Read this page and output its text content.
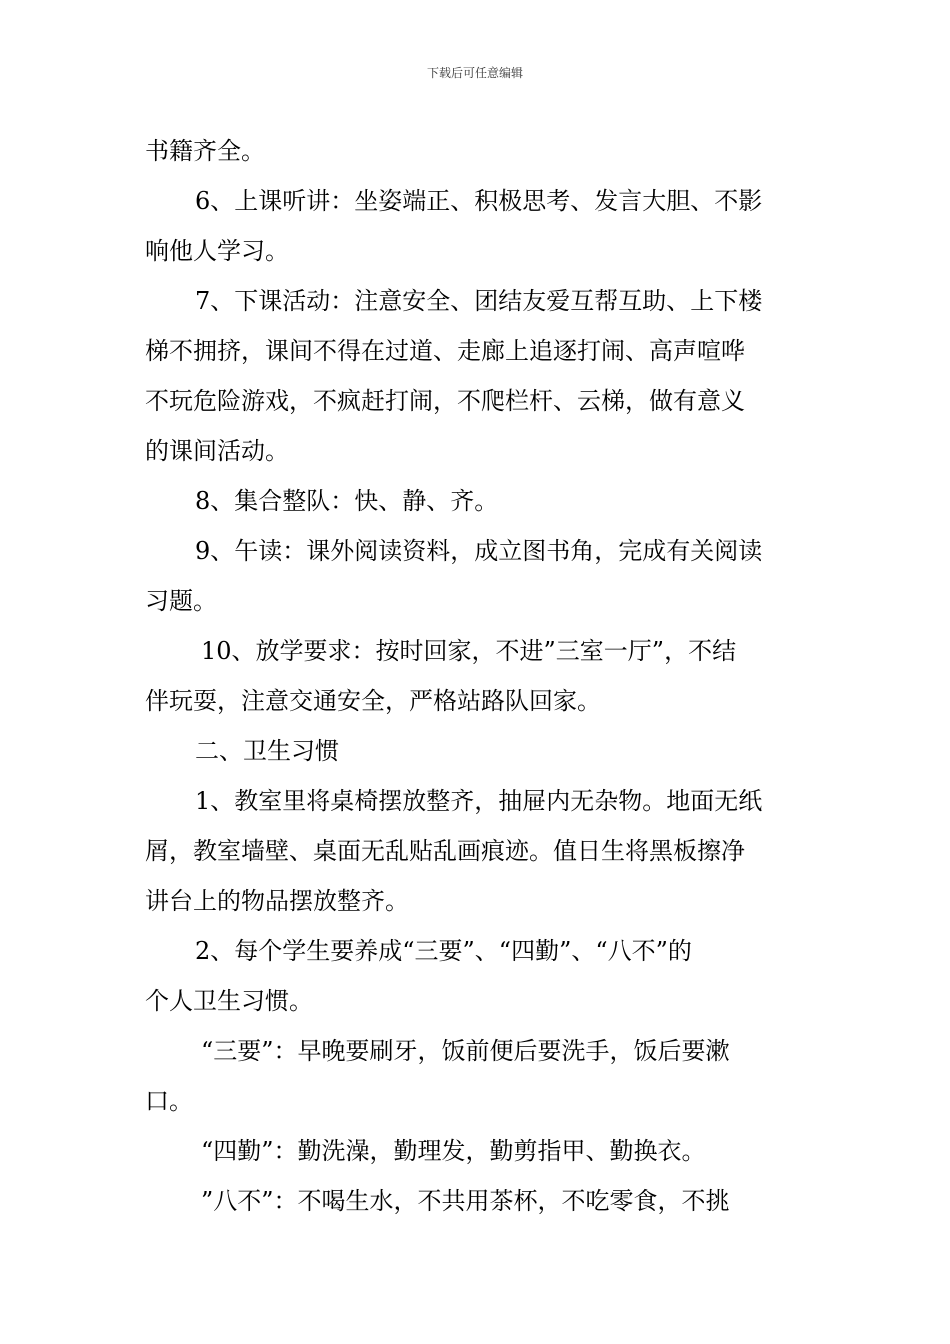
下载后可任意编辑
书籍齐全。
6、上课听讲：坐姿端正、积极思考、发言大胆、不影
响他人学习。
7、下课活动：注意安全、团结友爱互帮互助、上下楼
梯不拥挤，课间不得在过道、走廊上追逐打闹、高声喧哗
不玩危险游戏，不疯赶打闹，不爬栏杆、云梯，做有意义
的课间活动。
8、集合整队：快、静、齐。
9、午读：课外阅读资料，成立图书角，完成有关阅读
习题。
10、放学要求：按时回家，不进”三室一厅”，不结
伴玩耍，注意交通安全，严格站路队回家。
二、卫生习惯
1、教室里将桌椅摆放整齐，抽屉内无杂物。地面无纸
屑，教室墙壁、桌面无乱贴乱画痕迹。值日生将黑板擦净
讲台上的物品摆放整齐。
2、每个学生要养成“三要”、“四勤”、“八不”的
个人卫生习惯。
“三要”：早晚要刷牙，饭前便后要洗手，饭后要漱
口。
“四勤”：勤洗澡，勤理发，勤剪指甲、勤换衣。
”八不”：不喝生水，不共用茶杯，不吃零食，不挑
